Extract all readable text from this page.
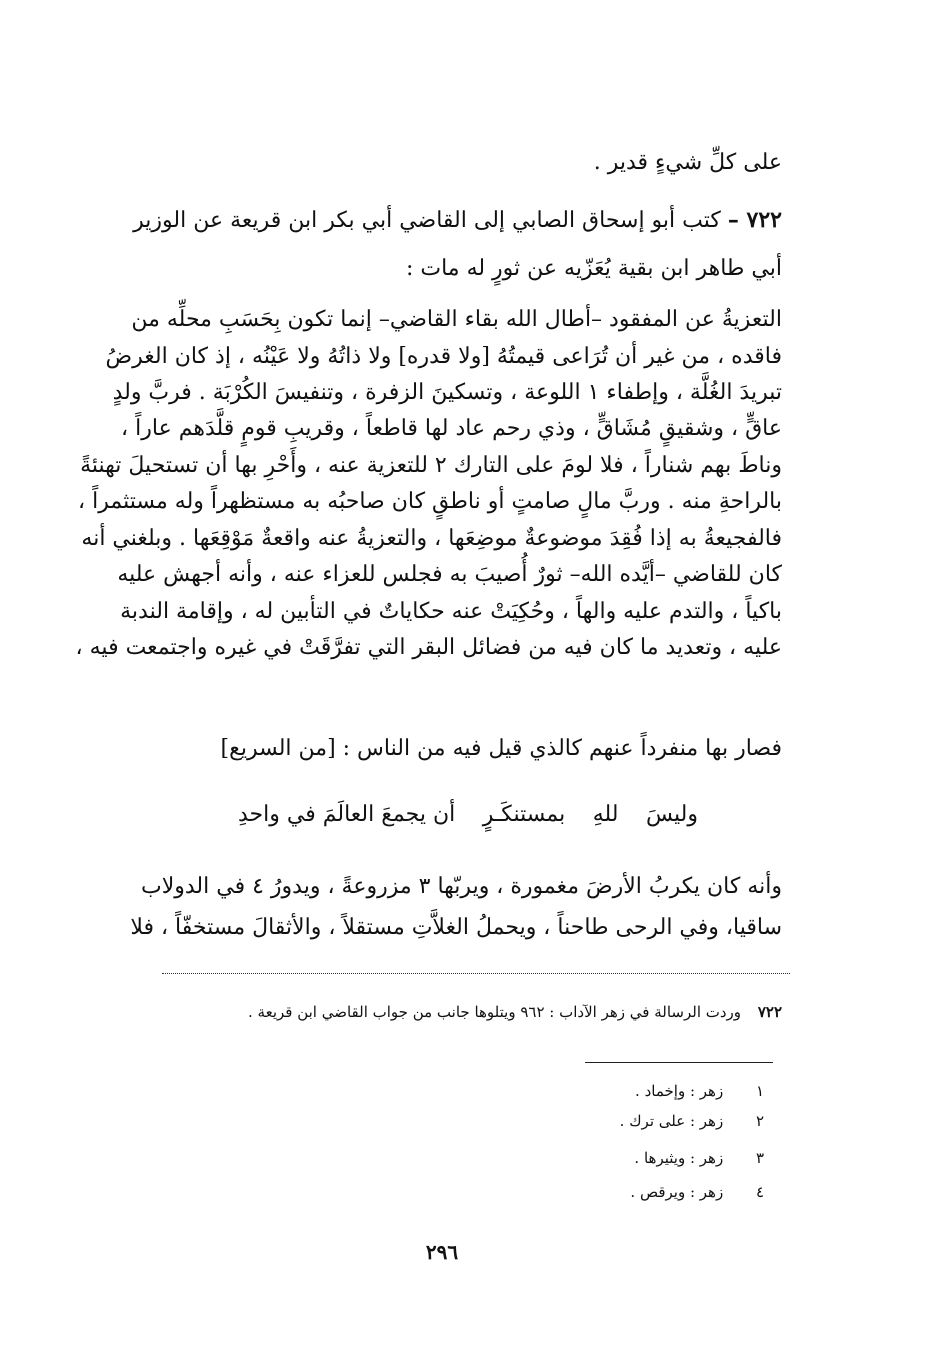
على كلِّ شيءٍ قدير .
٧٢٢ – كتب أبو إسحاق الصابي إلى القاضي أبي بكر ابن قريعة عن الوزير
أبي طاهر ابن بقية يُعَزّيه عن ثورٍ له مات :
التعزيةُ عن المفقود –أطال الله بقاء القاضي– إنما تكون بِحَسَبِ محلِّه من
فاقده ، من غير أن تُرَاعى قيمتُهُ [ولا قدره] ولا ذاتُهُ ولا عَيْنُه ، إذ كان الغرضُ
تبريدَ الغُلَّة ، وإطفاء ١ اللوعة ، وتسكينَ الزفرة ، وتنفيسَ الكُرْبَة . فربَّ ولدٍ
عاقٍّ ، وشقيقٍ مُشَاقٍّ ، وذي رحم عاد لها قاطعاً ، وقريبِ قومٍ قلَّدَهم عاراً ،
وناطَ بهم شناراً ، فلا لومَ على التارك ٢ للتعزية عنه ، وأَحْرِ بها أن تستحيلَ تهنئةً
بالراحةِ منه . وربَّ مالٍ صامتٍ أو ناطقٍ كان صاحبُه به مستظهراً وله مستثمراً ،
فالفجيعةُ به إذا فُقِدَ موضوعةٌ موضِعَها ، والتعزيةُ عنه واقعةٌ مَوْقِعَها . وبلغني أنه
كان للقاضي –أيَّده الله– ثورٌ أُصيبَ به فجلس للعزاء عنه ، وأنه أجهش عليه
باكياً ، والتدم عليه والهاً ، وحُكِيَتْ عنه حكاياتٌ في التأبين له ، وإقامة الندبة
عليه ، وتعديد ما كان فيه من فضائل البقر التي تفرَّقَتْ في غيره واجتمعت فيه ،
فصار بها منفرداً عنهم كالذي قيل فيه من الناس : [من السريع]
وليسَ
للهِ
بمستنكَـرٍ
أن يجمعَ العالَمَ في واحدِ
وأنه كان يكربُ الأرضَ مغمورة ، ويربّها ٣ مزروعةً ، ويدورُ ٤ في الدولاب
ساقيا، وفي الرحى طاحناً ، ويحملُ الغلاَّتِ مستقلاً ، والأثقالَ مستخفّاً ، فلا
٧٢٢ وردت الرسالة في زهر الآداب : ٩٦٢ ويتلوها جانب من جواب القاضي ابن قريعة .
١ زهر : وإخماد .
٢ زهر : على ترك .
٣ زهر : ويثيرها .
٤ زهر : ويرقص .
٢٩٦
